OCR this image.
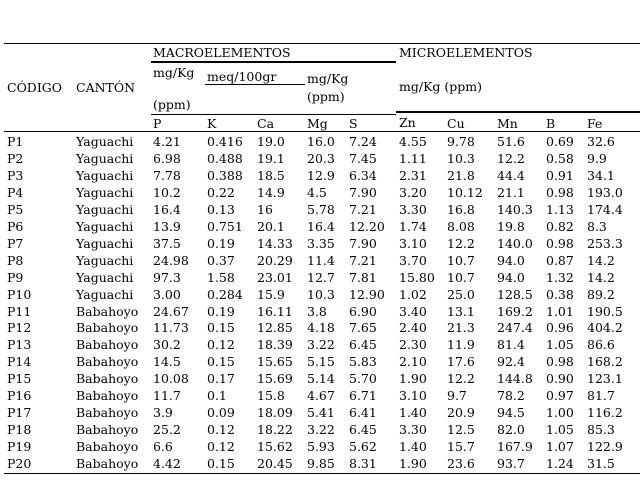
MACROELEMENTOS	MICROELEMENTOS
CÓDIGO CANTÓN
mg/Kg
(ppm)
meq/100gr mg/Kg
(ppm)
mg/Kg (ppm)
P	K	Ca	Mg S	Zn	Cu	Mn B	Fe
P1	Yaguachi 4.21 0.416 19.0 16.0 7.24 4.55 9.78 51.6 0.69 32.6
P2	Yaguachi 6.98 0.488 19.1 20.3 7.45 1.11 10.3 12.2 0.58 9.9
P3	Yaguachi 7.78 0.388 18.5 12.9 6.34 2.31 21.8 44.4 0.91 34.1
P4	Yaguachi 10.2 0.22 14.9 4.5 7.90 3.20 10.12 21.1 0.98 193.0
P5	Yaguachi 16.4 0.13 16	5.78 7.21 3.30 16.8 140.3 1.13 174.4
P6	Yaguachi 13.9 0.751 20.1 16.4 12.20 1.74 8.08 19.8 0.82 8.3
P7	Yaguachi 37.5 0.19 14.33 3.35 7.90 3.10 12.2 140.0 0.98 253.3
P8	Yaguachi 24.98 0.37 20.29 11.4 7.21 3.70 10.7 94.0 0.87 14.2
P9	Yaguachi 97.3 1.58 23.01 12.7 7.81 15.80 10.7 94.0 1.32 14.2
P10	Yaguachi 3.00 0.284 15.9 10.3 12.90 1.02 25.0 128.5 0.38 89.2
P11	Babahoyo 24.67 0.19 16.11 3.8 6.90 3.40 13.1 169.2 1.01 190.5
P12	Babahoyo 11.73 0.15 12.85 4.18 7.65 2.40 21.3 247.4 0.96 404.2
P13	Babahoyo 30.2 0.12 18.39 3.22 6.45 2.30 11.9 81.4 1.05 86.6
P14	Babahoyo 14.5 0.15 15.65 5.15 5.83 2.10 17.6 92.4 0.98 168.2
P15	Babahoyo 10.08 0.17 15.69 5.14 5.70 1.90 12.2 144.8 0.90 123.1
P16	Babahoyo 11.7 0.1 15.8 4.67 6.71 3.10 9.7 78.2 0.97 81.7
P17	Babahoyo 3.9	0.09 18.09 5.41 6.41 1.40 20.9 94.5 1.00 116.2
P18	Babahoyo 25.2 0.12 18.22 3.22 6.45 3.30 12.5 82.0 1.05 85.3
P19	Babahoyo 6.6	0.12 15.62 5.93 5.62 1.40 15.7 167.9 1.07 122.9
P20	Babahoyo 4.42 0.15 20.45 9.85 8.31 1.90 23.6 93.7 1.24 31.5
